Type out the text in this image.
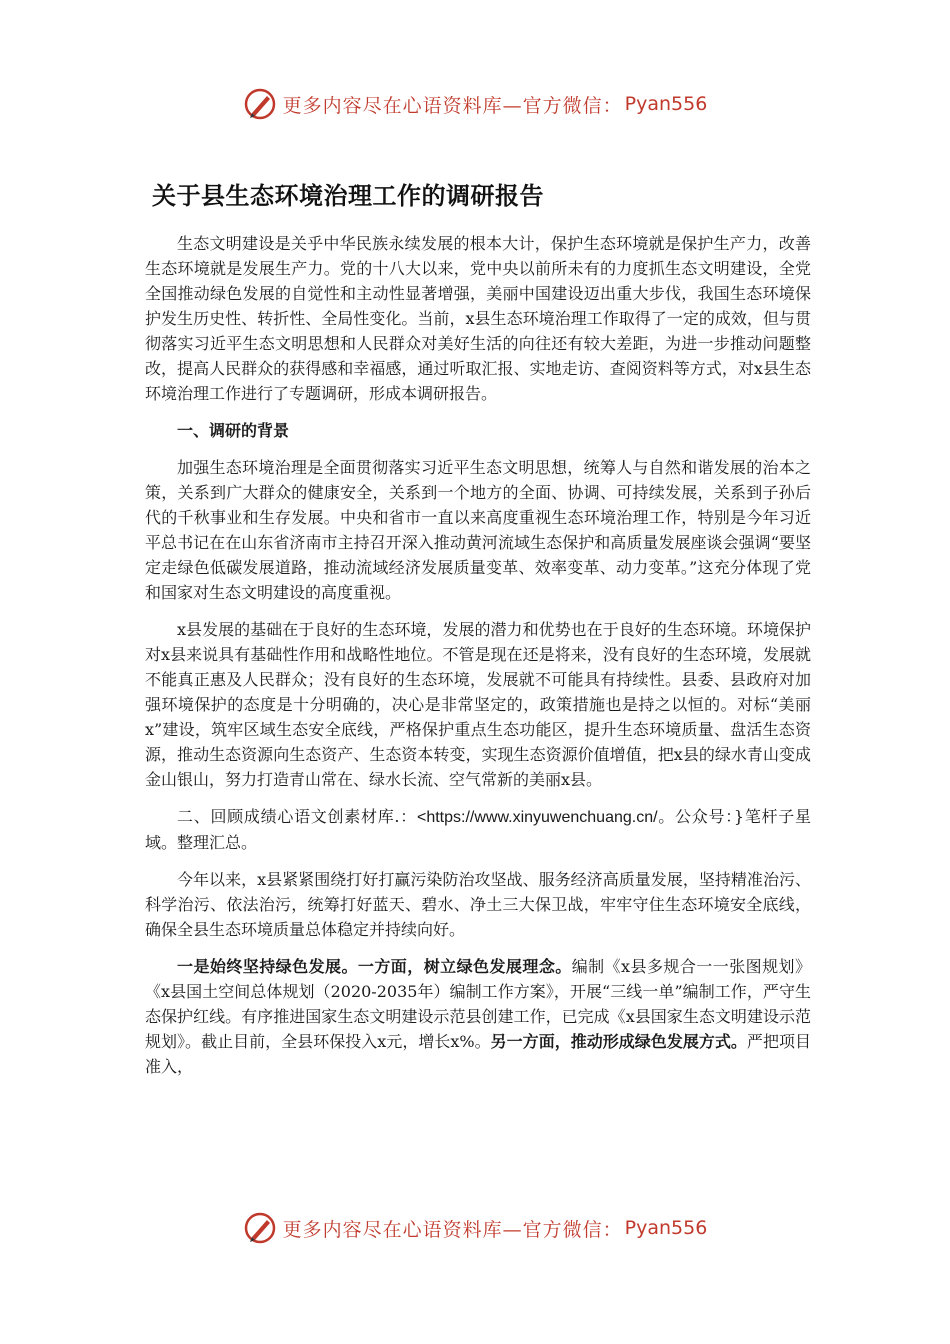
更多内容尽在心语资料库—官方微信： Pyan556
关于县生态环境治理工作的调研报告

生态文明建设是关乎中华民族永续发展的根本大计，保护生态环境就是保护生产力，改善生态环境就是发展生产力。党的十八大以来，党中央以前所未有的力度抓生态文明建设，全党全国推动绿色发展的自觉性和主动性显著增强，美丽中国建设迈出重大步伐，我国生态环境保护发生历史性、转折性、全局性变化。当前，x县生态环境治理工作取得了一定的成效，但与贯彻落实习近平生态文明思想和人民群众对美好生活的向往还有较大差距，为进一步推动问题整改，提高人民群众的获得感和幸福感，通过听取汇报、实地走访、查阅资料等方式，对x县生态环境治理工作进行了专题调研，形成本调研报告。

一、调研的背景

加强生态环境治理是全面贯彻落实习近平生态文明思想，统筹人与自然和谐发展的治本之策，关系到广大群众的健康安全，关系到一个地方的全面、协调、可持续发展，关系到子孙后代的千秋事业和生存发展。中央和省市一直以来高度重视生态环境治理工作，特别是今年习近平总书记在在山东省济南市主持召开深入推动黄河流域生态保护和高质量发展座谈会强调“要坚定走绿色低碳发展道路，推动流域经济发展质量变革、效率变革、动力变革。”这充分体现了党和国家对生态文明建设的高度重视。

x县发展的基础在于良好的生态环境，发展的潜力和优势也在于良好的生态环境。环境保护对x县来说具有基础性作用和战略性地位。不管是现在还是将来，没有良好的生态环境，发展就不能真正惠及人民群众；没有良好的生态环境，发展就不可能具有持续性。县委、县政府对加强环境保护的态度是十分明确的，决心是非常坚定的，政策措施也是持之以恒的。对标“美丽x”建设，筑牢区域生态安全底线，严格保护重点生态功能区，提升生态环境质量、盘活生态资源，推动生态资源向生态资产、生态资本转变，实现生态资源价值增值，把x县的绿水青山变成金山银山，努力打造青山常在、绿水长流、空气常新的美丽x县。

二、回顾成绩心语文创素材库.：<https://www.xinyuwenchuang.cn/。公众号：}笔杆子星域。整理汇总。

今年以来，x县紧紧围绕打好打赢污染防治攻坚战、服务经济高质量发展，坚持精准治污、科学治污、依法治污，统筹打好蓝天、碧水、净土三大保卫战，牢牢守住生态环境安全底线，确保全县生态环境质量总体稳定并持续向好。

一是始终坚持绿色发展。一方面，树立绿色发展理念。编制《x县多规合一一张图规划》《x县国土空间总体规划（2020-2035年）编制工作方案》，开展“三线一单”编制工作，严守生态保护红线。有序推进国家生态文明建设示范县创建工作，已完成《x县国家生态文明建设示范规划》。截止目前，全县环保投入x元，增长x%。另一方面，推动形成绿色发展方式。严把项目准入，

更多内容尽在心语资料库—官方微信： Pyan556
